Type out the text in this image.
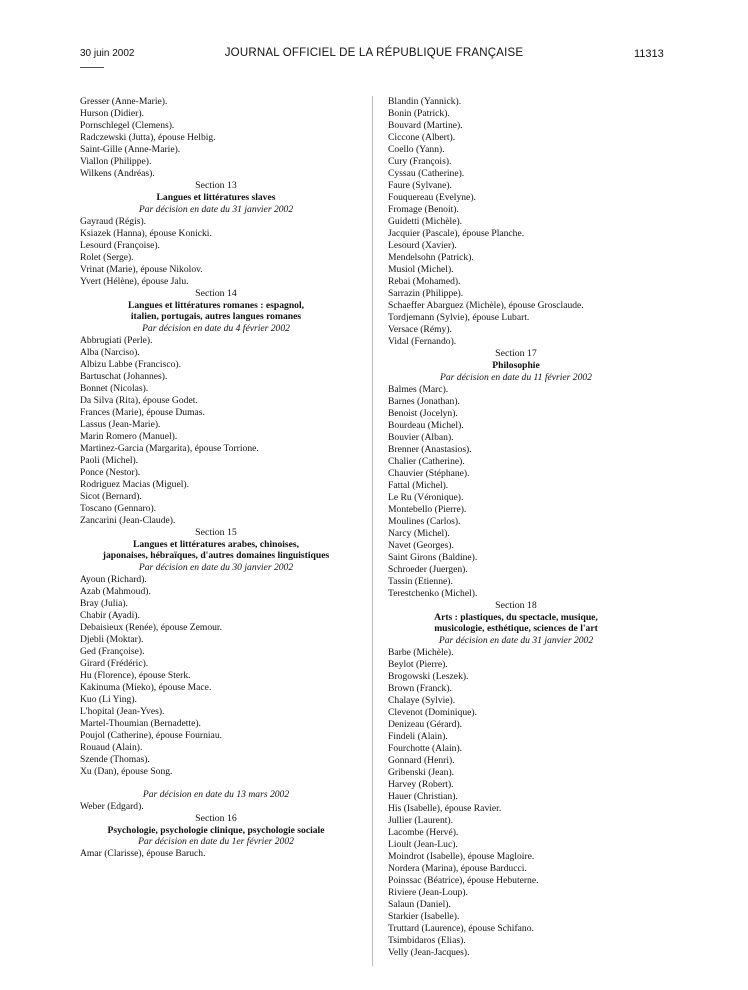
30 juin 2002	JOURNAL OFFICIEL DE LA RÉPUBLIQUE FRANÇAISE	11313

Gresser (Anne-Marie).

Hurson (Didier).

Pornschlegel (Clemens).

Radczewski (Jutta), épouse Helbig.

Saint-Gille (Anne-Marie).

Viallon (Philippe).

Wilkens (Andréas).

Section 13

Langues et littératures slaves

Par décision en date du 31 janvier 2002

Gayraud (Régis).

Ksiazek (Hanna), épouse Konicki.

Lesourd (Françoise).

Rolet (Serge).

Vrinat (Marie), épouse Nikolov.

Yvert (Hélène), épouse Jalu.

Section 14

Langues et littératures romanes : espagnol,
italien, portugais, autres langues romanes

Par décision en date du 4 février 2002

Abbrugiati (Perle).

Alba (Narciso).

Albizu Labbe (Francisco).

Bartuschat (Johannes).

Bonnet (Nicolas).

Da Silva (Rita), épouse Godet.

Frances (Marie), épouse Dumas.

Lassus (Jean-Marie).

Marin Romero (Manuel).

Martinez-Garcia (Margarita), épouse Torrione.

Paoli (Michel).

Ponce (Nestor).

Rodriguez Macias (Miguel).

Sicot (Bernard).

Toscano (Gennaro).

Zancarini (Jean-Claude).

Section 15

Langues et littératures arabes, chinoises,
japonaises, hébraïques, d'autres domaines linguistiques

Par décision en date du 30 janvier 2002

Ayoun (Richard).

Azab (Mahmoud).

Bray (Julia).

Chabir (Ayadi).

Debaisieux (Renée), épouse Zemour.

Djebli (Moktar).

Ged (Françoise).

Girard (Frédéric).

Hu (Florence), épouse Sterk.

Kakinuma (Mieko), épouse Mace.

Kuo (Li Ying).

L'hopital (Jean-Yves).

Martel-Thoumian (Bernadette).

Poujol (Catherine), épouse Fourniau.

Rouaud (Alain).

Szende (Thomas).

Xu (Dan), épouse Song.

Par décision en date du 13 mars 2002

Weber (Edgard).

Section 16

Psychologie, psychologie clinique, psychologie sociale

Par décision en date du 1er février 2002

Amar (Clarisse), épouse Baruch.

Blandin (Yannick).

Bonin (Patrick).

Bouvard (Martine).

Ciccone (Albert).

Coello (Yann).

Cury (François).

Cyssau (Catherine).

Faure (Sylvane).

Fouquereau (Evelyne).

Fromage (Benoit).

Guidetti (Michèle).

Jacquier (Pascale), épouse Planche.

Lesourd (Xavier).

Mendelsohn (Patrick).

Musiol (Michel).

Rebai (Mohamed).

Sarrazin (Philippe).

Schaeffer Abarguez (Michèle), épouse Grosclaude.

Tordjemann (Sylvie), épouse Lubart.

Versace (Rémy).

Vidal (Fernando).

Section 17

Philosophie

Par décision en date du 11 février 2002

Balmes (Marc).

Barnes (Jonathan).

Benoist (Jocelyn).

Bourdeau (Michel).

Bouvier (Alban).

Brenner (Anastasios).

Chalier (Catherine).

Chauvier (Stéphane).

Fattal (Michel).

Le Ru (Véronique).

Montebello (Pierre).

Moulines (Carlos).

Narcy (Michel).

Navet (Georges).

Saint Girons (Baldine).

Schroeder (Juergen).

Tassin (Etienne).

Terestchenko (Michel).

Section 18

Arts : plastiques, du spectacle, musique,
musicologie, esthétique, sciences de l'art

Par décision en date du 31 janvier 2002

Barbe (Michèle).

Beylot (Pierre).

Brogowski (Leszek).

Brown (Franck).

Chalaye (Sylvie).

Clevenot (Dominique).

Denizeau (Gérard).

Findeli (Alain).

Fourchotte (Alain).

Gonnard (Henri).

Gribenski (Jean).

Harvey (Robert).

Hauer (Christian).

His (Isabelle), épouse Ravier.

Jullier (Laurent).

Lacombe (Hervé).

Lioult (Jean-Luc).

Moindrot (Isabelle), épouse Magloire.

Nordera (Marina), épouse Barducci.

Poinssac (Béatrice), épouse Hebuterne.

Riviere (Jean-Loup).

Salaun (Daniel).

Starkier (Isabelle).

Truttard (Laurence), épouse Schifano.

Tsimbidaros (Elias).

Velly (Jean-Jacques).
